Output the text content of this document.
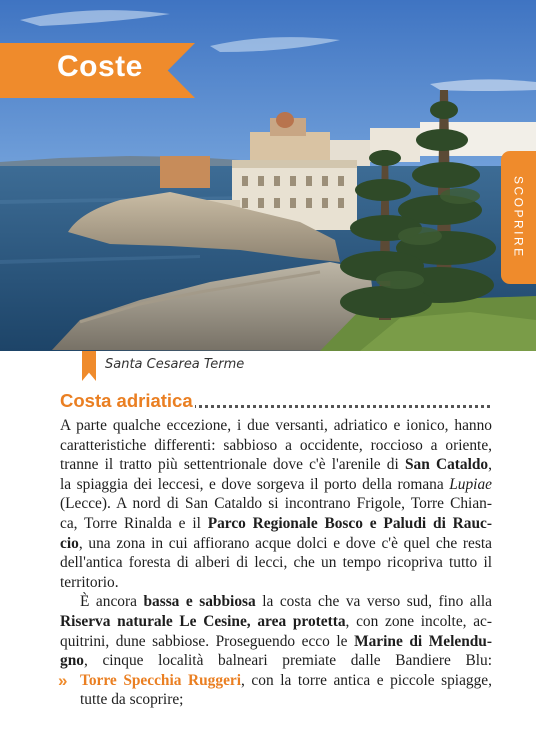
Coste
SCOPRIRE
Santa Cesarea Terme
Costa adriatica
A parte qualche eccezione, i due versanti, adriatico e ionico, hanno
caratteristiche differenti: sabbioso a occidente, roccioso a oriente,
tranne il tratto più settentrionale dove c'è l'arenile di San Cataldo,
la spiaggia dei leccesi, e dove sorgeva il porto della romana Lupiae
(Lecce). A nord di San Cataldo si incontrano Frigole, Torre Chian-
ca, Torre Rinalda e il Parco Regionale Bosco e Paludi di Rauc-
cio, una zona in cui affiorano acque dolci e dove c'è quel che resta
dell'antica foresta di alberi di lecci, che un tempo ricopriva tutto il
territorio.
È ancora bassa e sabbiosa la costa che va verso sud, fino alla
Riserva naturale Le Cesine, area protetta, con zone incolte, ac-
quitrini, dune sabbiose. Proseguendo ecco le Marine di Melendu-
gno, cinque località balneari premiate dalle Bandiere Blu:
» Torre Specchia Ruggeri, con la torre antica e piccole spiagge,
tutte da scoprire;
